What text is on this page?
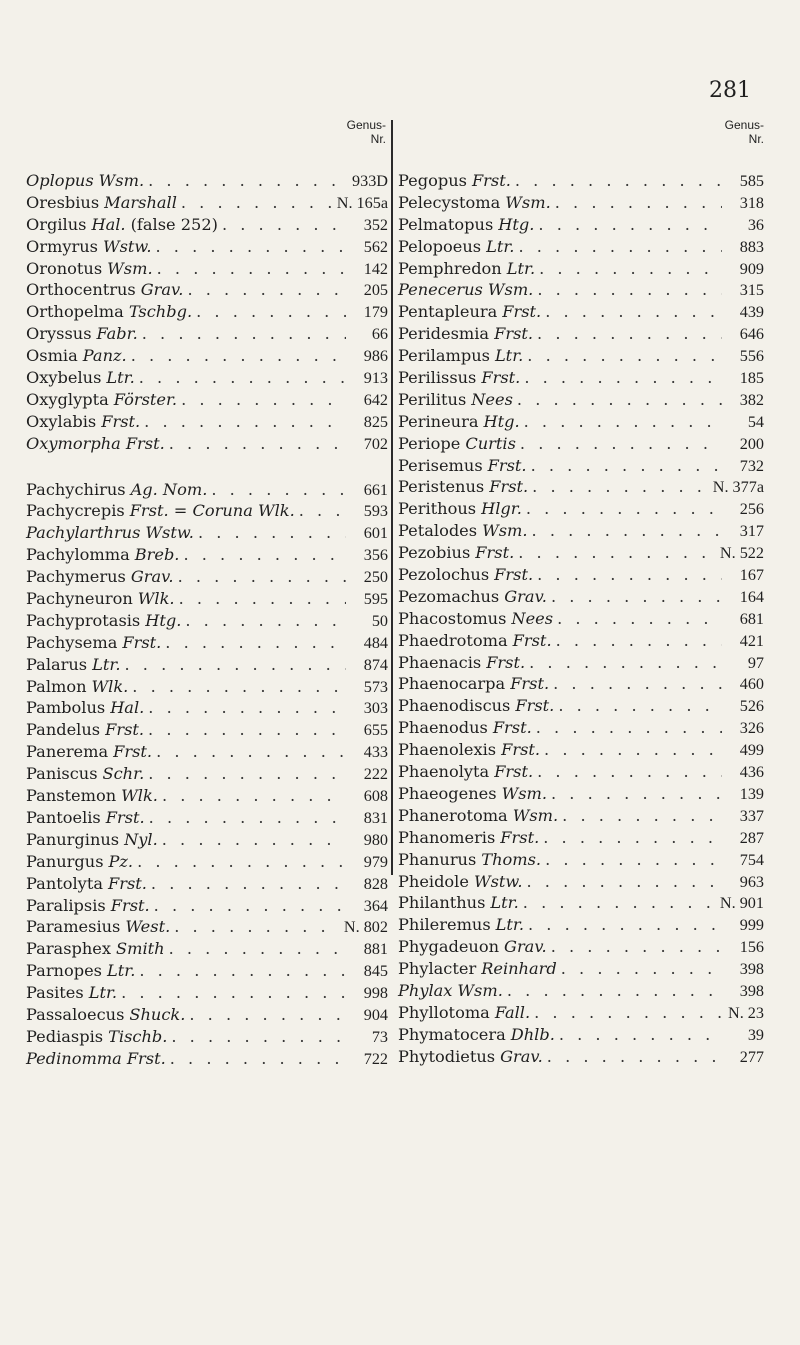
281
Genus-
Nr.
Oplopus Wsm. . . .	933D
Oresbius Marshall . . .	N. 165a
Orgilus Hal. (false 252) . . .	352
Ormyrus Wstw. . . .	562
Oronotus Wsm. . . .	142
Orthocentrus Grav. . . .	205
Orthopelma Tschbg. . . .	179
Oryssus Fabr. . . .	66
Osmia Panz. . . .	986
Oxybelus Ltr. . . .	913
Oxyglypta Förster. . . .	642
Oxylabis Frst. . . .	825
Oxymorpha Frst. . . .	702
Pachychirus Ag. Nom. . . .	661
Pachycrepis Frst. = Coruna Wlk. . . .	593
Pachylarthrus Wstw. . . .	601
Pachylomma Breb. . . .	356
Pachymerus Grav. . . .	250
Pachyneuron Wlk. . . .	595
Pachyprotasis Htg. . . .	50
Pachysema Frst. . . .	484
Palarus Ltr. . . .	874
Palmon Wlk. . . .	573
Pambolus Hal. . . .	303
Pandelus Frst. . . .	655
Panerema Frst. . . .	433
Paniscus Schr. . . .	222
Panstemon Wlk. . . .	608
Pantoelis Frst. . . .	831
Panurginus Nyl. . . .	980
Panurgus Pz. . . .	979
Pantolyta Frst. . . .	828
Paralipsis Frst. . . .	364
Paramesius West. . . .	N. 802
Parasphex Smith . . .	881
Parnopes Ltr. . . .	845
Pasites Ltr. . . .	998
Passaloecus Shuck. . . .	904
Pediaspis Tischb. . . .	73
Pedinomma Frst. . . .	722
Genus-
Nr.
Pegopus Frst. . . .	585
Pelecystoma Wsm. . . .	318
Pelmatopus Htg. . . .	36
Pelopoeus Ltr. . . .	883
Pemphredon Ltr. . . .	909
Penecerus Wsm. . . .	315
Pentapleura Frst. . . .	439
Peridesmia Frst. . . .	646
Perilampus Ltr. . . .	556
Perilissus Frst. . . .	185
Perilitus Nees . . .	382
Perineura Htg. . . .	54
Periope Curtis . . .	200
Perisemus Frst. . . .	732
Peristenus Frst. . . .	N. 377a
Perithous Hlgr. . . .	256
Petalodes Wsm. . . .	317
Pezobius Frst. . . .	N. 522
Pezolochus Frst. . . .	167
Pezomachus Grav. . . .	164
Phacostomus Nees . . .	681
Phaedrotoma Frst. . . .	421
Phaenacis Frst. . . .	97
Phaenocarpa Frst. . . .	460
Phaenodiscus Frst. . . .	526
Phaenodus Frst. . . .	326
Phaenolexis Frst. . . .	499
Phaenolyta Frst. . . .	436
Phaeogenes Wsm. . . .	139
Phanerotoma Wsm. . . .	337
Phanomeris Frst. . . .	287
Phanurus Thoms. . . .	754
Pheidole Wstw. . . .	963
Philanthus Ltr. . . .	N. 901
Phileremus Ltr. . . .	999
Phygadeuon Grav. . . .	156
Phylacter Reinhard . . .	398
Phylax Wsm. . . .	398
Phyllotoma Fall. . . .	N. 23
Phymatocera Dhlb. . . .	39
Phytodietus Grav. . . .	277
